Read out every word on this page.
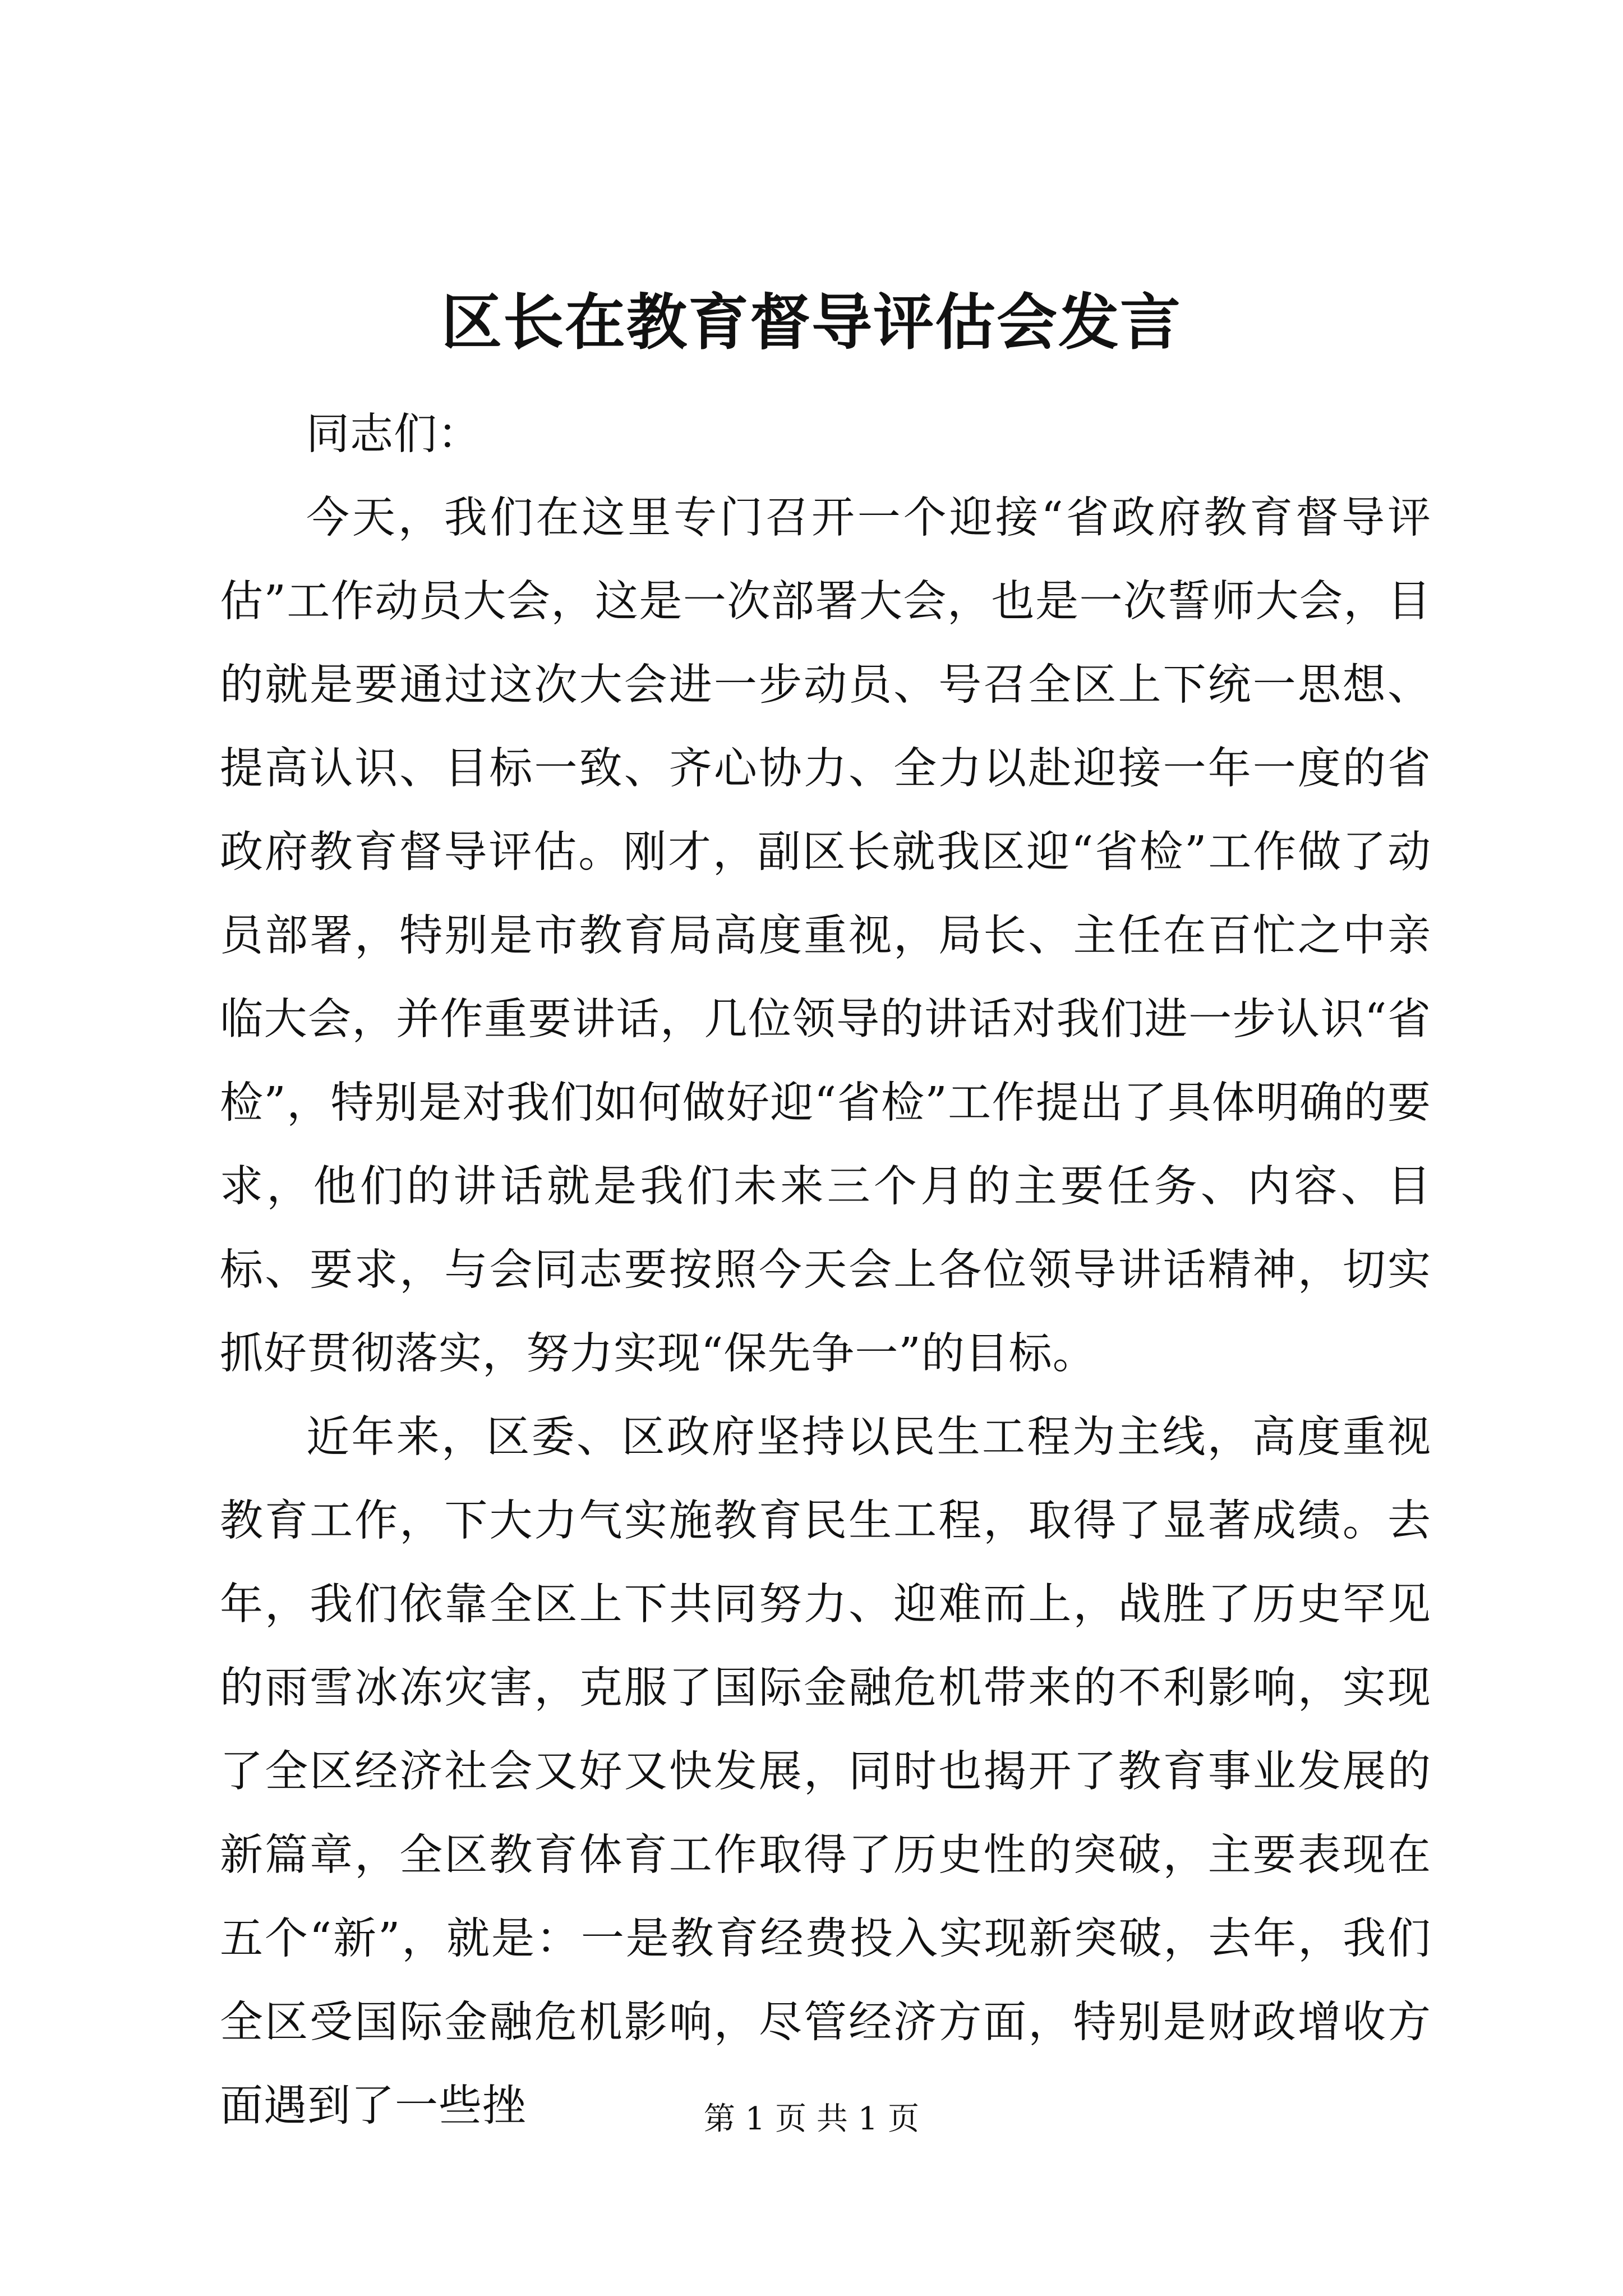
区长在教育督导评估会发言

同志们：

今天，我们在这里专门召开一个迎接“省政府教育督导评估”工作动员大会，这是一次部署大会，也是一次誓师大会，目的就是要通过这次大会进一步动员、号召全区上下统一思想、提高认识、目标一致、齐心协力、全力以赴迎接一年一度的省政府教育督导评估。刚才，副区长就我区迎“省检”工作做了动员部署，特别是市教育局高度重视，局长、主任在百忙之中亲临大会，并作重要讲话，几位领导的讲话对我们进一步认识“省检”，特别是对我们如何做好迎“省检”工作提出了具体明确的要求，他们的讲话就是我们未来三个月的主要任务、内容、目标、要求，与会同志要按照今天会上各位领导讲话精神，切实抓好贯彻落实，努力实现“保先争一”的目标。

近年来，区委、区政府坚持以民生工程为主线，高度重视教育工作，下大力气实施教育民生工程，取得了显著成绩。去年，我们依靠全区上下共同努力、迎难而上，战胜了历史罕见的雨雪冰冻灾害，克服了国际金融危机带来的不利影响，实现了全区经济社会又好又快发展，同时也揭开了教育事业发展的新篇章，全区教育体育工作取得了历史性的突破，主要表现在五个“新”，就是：一是教育经费投入实现新突破，去年，我们全区受国际金融危机影响，尽管经济方面，特别是财政增收方面遇到了一些挫	第 1 页 共 1 页
